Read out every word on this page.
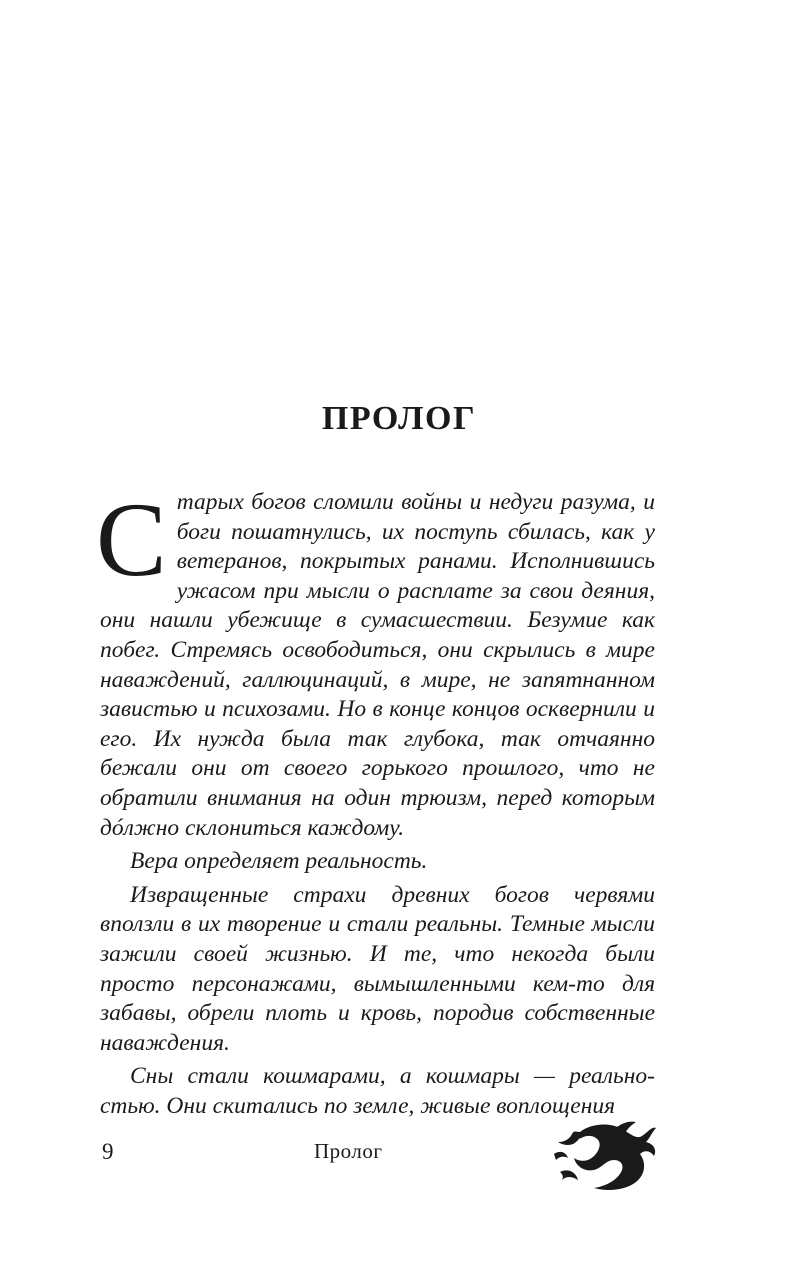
ПРОЛОГ

Старых богов сломили войны и недуги разума, и боги пошатнулись, их поступь сбилась, как у ветеранов, покрытых ранами. Исполнившись ужасом при мысли о расплате за свои деяния, они нашли убежище в сумасшествии. Безумие как побег. Стремясь освободиться, они скрылись в мире наваждений, галлюцинаций, в мире, не запятнанном завистью и психозами. Но в конце концов осквернили и его. Их нужда была так глубока, так отчаянно бежали они от своего горького прошлого, что не обратили внимания на один трюизм, перед которым дóлжно склониться каждому.

Вера определяет реальность.

Извращенные страхи древних богов червями вползли в их творение и стали реальны. Темные мысли зажили своей жизнью. И те, что некогда были просто персонажами, вымышленными кем-то для забавы, обрели плоть и кровь, породив собственные наваждения.

Сны стали кошмарами, а кошмары — реальностью. Они скитались по земле, живые воплощения

9	Пролог
